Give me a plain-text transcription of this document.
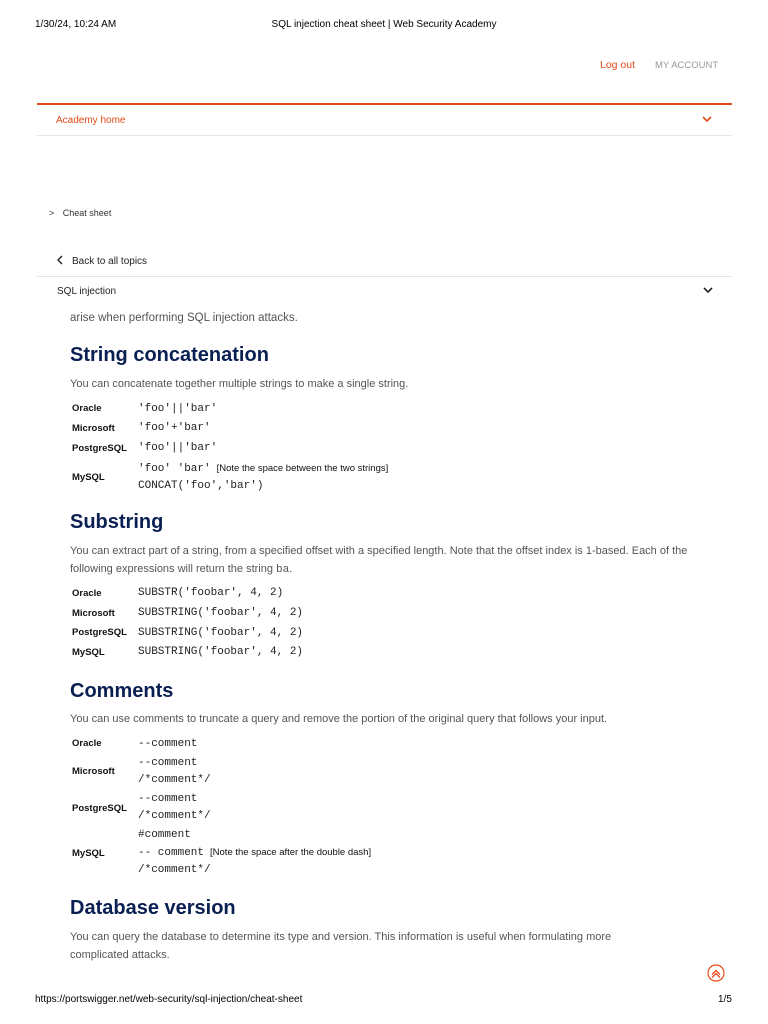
1/30/24, 10:24 AM	SQL injection cheat sheet | Web Security Academy
Log out MY ACCOUNT
Academy home
> Cheat sheet
Back to all topics
SQL injection
arise when performing SQL injection attacks.
String concatenation
You can concatenate together multiple strings to make a single string.
Oracle	'foo'||'bar'
Microsoft	'foo'+'bar'
PostgreSQL	'foo'||'bar'
MySQL	'foo' 'bar' [Note the space between the two strings]
CONCAT('foo','bar')
Substring
You can extract part of a string, from a specified offset with a specified length. Note that the offset index is 1-based. Each of the following expressions will return the string ba.
Oracle	SUBSTR('foobar', 4, 2)
Microsoft	SUBSTRING('foobar', 4, 2)
PostgreSQL	SUBSTRING('foobar', 4, 2)
MySQL	SUBSTRING('foobar', 4, 2)
Comments
You can use comments to truncate a query and remove the portion of the original query that follows your input.
Oracle	--comment
Microsoft	--comment
/*comment*/

PostgreSQL	--comment
/*comment*/

MySQL	#comment
-- comment [Note the space after the double dash]
/*comment*/
Database version
You can query the database to determine its type and version. This information is useful when formulating more complicated attacks.
https://portswigger.net/web-security/sql-injection/cheat-sheet	1/5
